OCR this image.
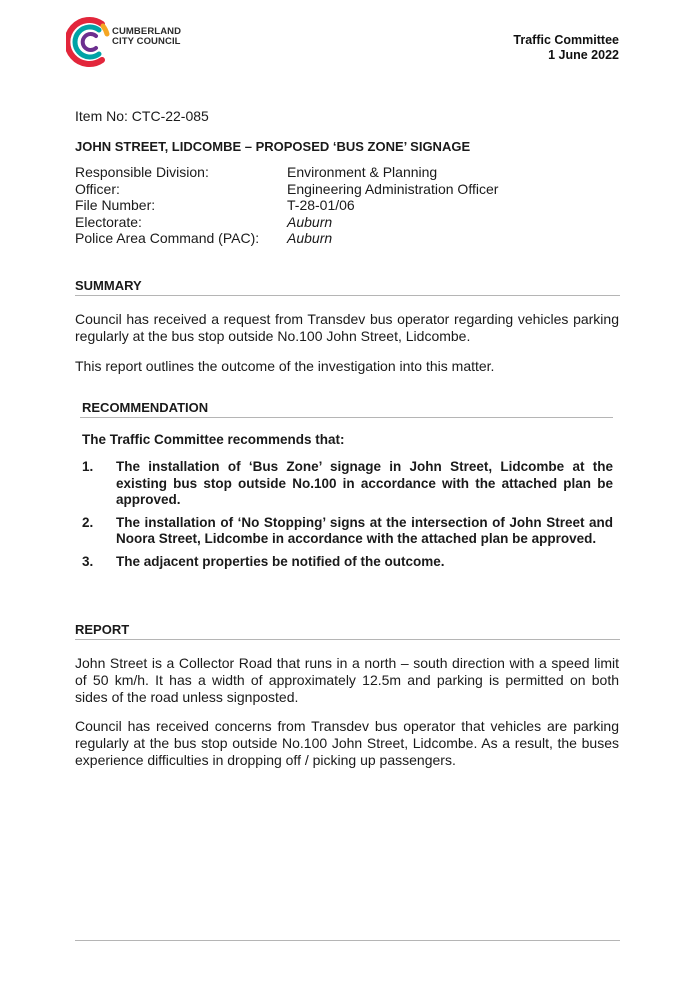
CUMBERLAND
CITY COUNCIL	Traffic Committee
1 June 2022
Item No: CTC-22-085
JOHN STREET, LIDCOMBE – PROPOSED ‘BUS ZONE’ SIGNAGE
Responsible Division:	Environment & Planning
Officer:	Engineering Administration Officer
File Number:	T-28-01/06
Electorate:	Auburn
Police Area Command (PAC):	Auburn
SUMMARY
Council has received a request from Transdev bus operator regarding vehicles parking regularly at the bus stop outside No.100 John Street, Lidcombe.
This report outlines the outcome of the investigation into this matter.
RECOMMENDATION
The Traffic Committee recommends that:
1.	The installation of ‘Bus Zone’ signage in John Street, Lidcombe at the existing bus stop outside No.100 in accordance with the attached plan be approved.
2.	The installation of ‘No Stopping’ signs at the intersection of John Street and Noora Street, Lidcombe in accordance with the attached plan be approved.
3.	The adjacent properties be notified of the outcome.
REPORT
John Street is a Collector Road that runs in a north – south direction with a speed limit of 50 km/h. It has a width of approximately 12.5m and parking is permitted on both sides of the road unless signposted.
Council has received concerns from Transdev bus operator that vehicles are parking regularly at the bus stop outside No.100 John Street, Lidcombe. As a result, the buses experience difficulties in dropping off / picking up passengers.
